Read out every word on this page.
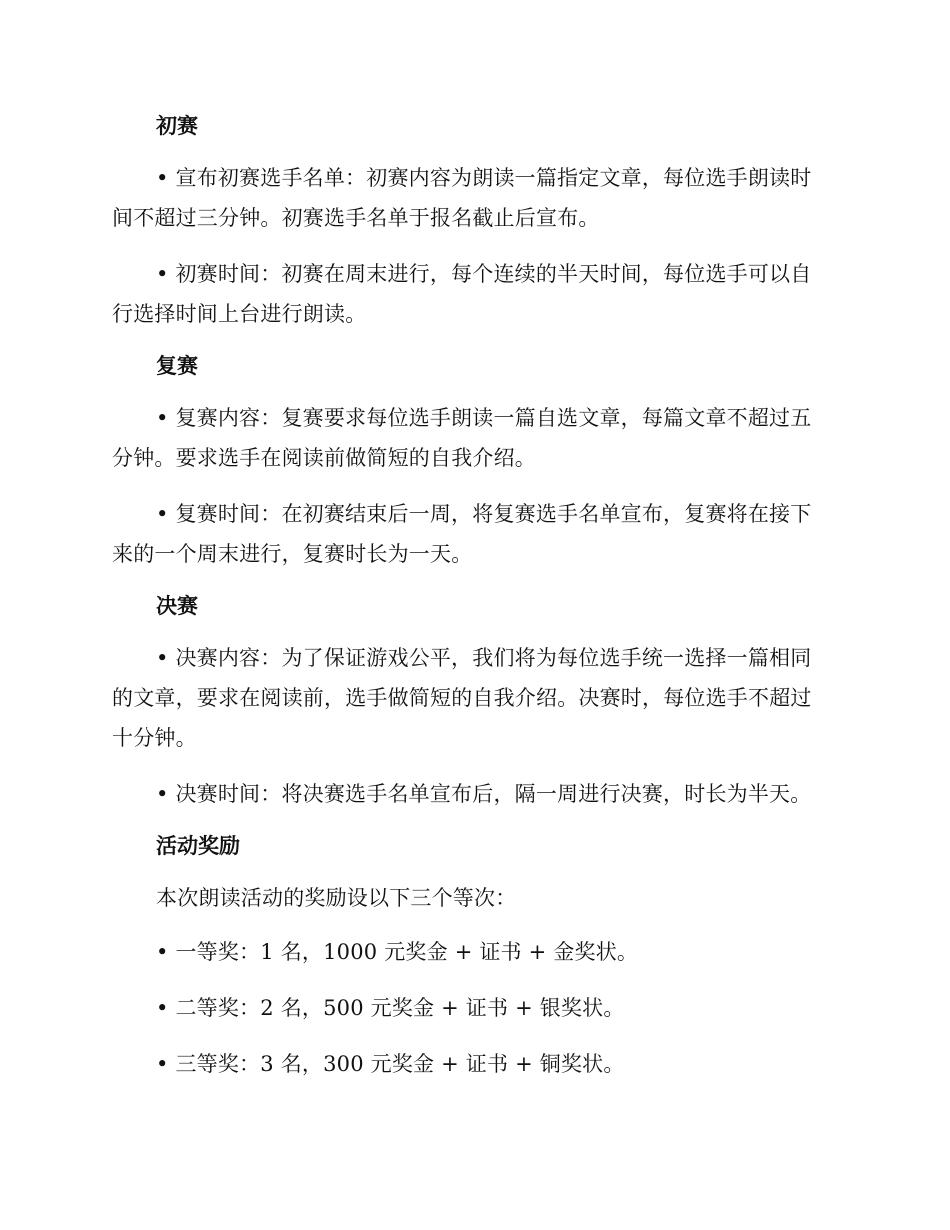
初赛

• 宣布初赛选手名单：初赛内容为朗读一篇指定文章，每位选手朗读时间不超过三分钟。初赛选手名单于报名截止后宣布。

• 初赛时间：初赛在周末进行，每个连续的半天时间，每位选手可以自行选择时间上台进行朗读。

复赛

• 复赛内容：复赛要求每位选手朗读一篇自选文章，每篇文章不超过五分钟。要求选手在阅读前做简短的自我介绍。

• 复赛时间：在初赛结束后一周，将复赛选手名单宣布，复赛将在接下来的一个周末进行，复赛时长为一天。

决赛

• 决赛内容：为了保证游戏公平，我们将为每位选手统一选择一篇相同的文章，要求在阅读前，选手做简短的自我介绍。决赛时，每位选手不超过十分钟。

• 决赛时间：将决赛选手名单宣布后，隔一周进行决赛，时长为半天。

活动奖励

本次朗读活动的奖励设以下三个等次：

• 一等奖：1 名，1000 元奖金 + 证书 + 金奖状。

• 二等奖：2 名，500 元奖金 + 证书 + 银奖状。

• 三等奖：3 名，300 元奖金 + 证书 + 铜奖状。
